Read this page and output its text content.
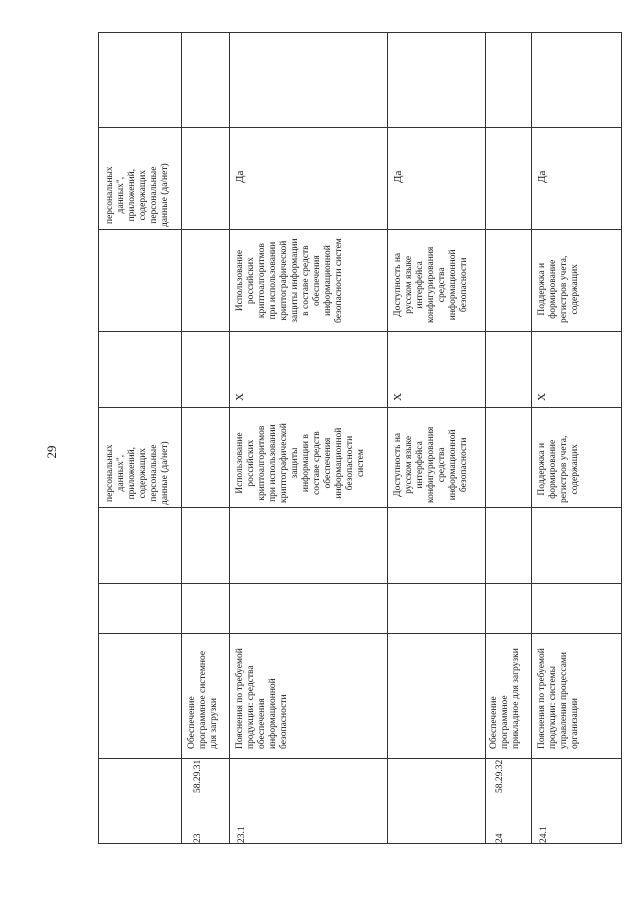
29
персональных данных", приложений, содержащих персональные данные (да/нет)
персональных данных", приложений, содержащих персональные данные (да/нет)
23
58.29.31
Обеспечение программное системное для загрузки
23.1
Пояснения по требуемой продукции: средства обеспечения информационной безопасности
Использование российских криптоалгоритмов при использовании криптографической защиты информации в составе средств обеспечения информационной безопасности систем
Х
Использование российских криптоалгоритмов при использовании криптографической защиты информации в составе средств обеспечения информационной безопасности систем
Да
Доступность на русском языке интерфейса конфигурирования средства информационной безопасности
Х
Доступность на русском языке интерфейса конфигурирования средства информационной безопасности
Да
24
58.29.32
Обеспечение программное прикладное для загрузки
24.1
Пояснения по требуемой продукции: системы управления процессами организации
Поддержка и формирование регистров учета, содержащих
Х
Поддержка и формирование регистров учета, содержащих
Да
